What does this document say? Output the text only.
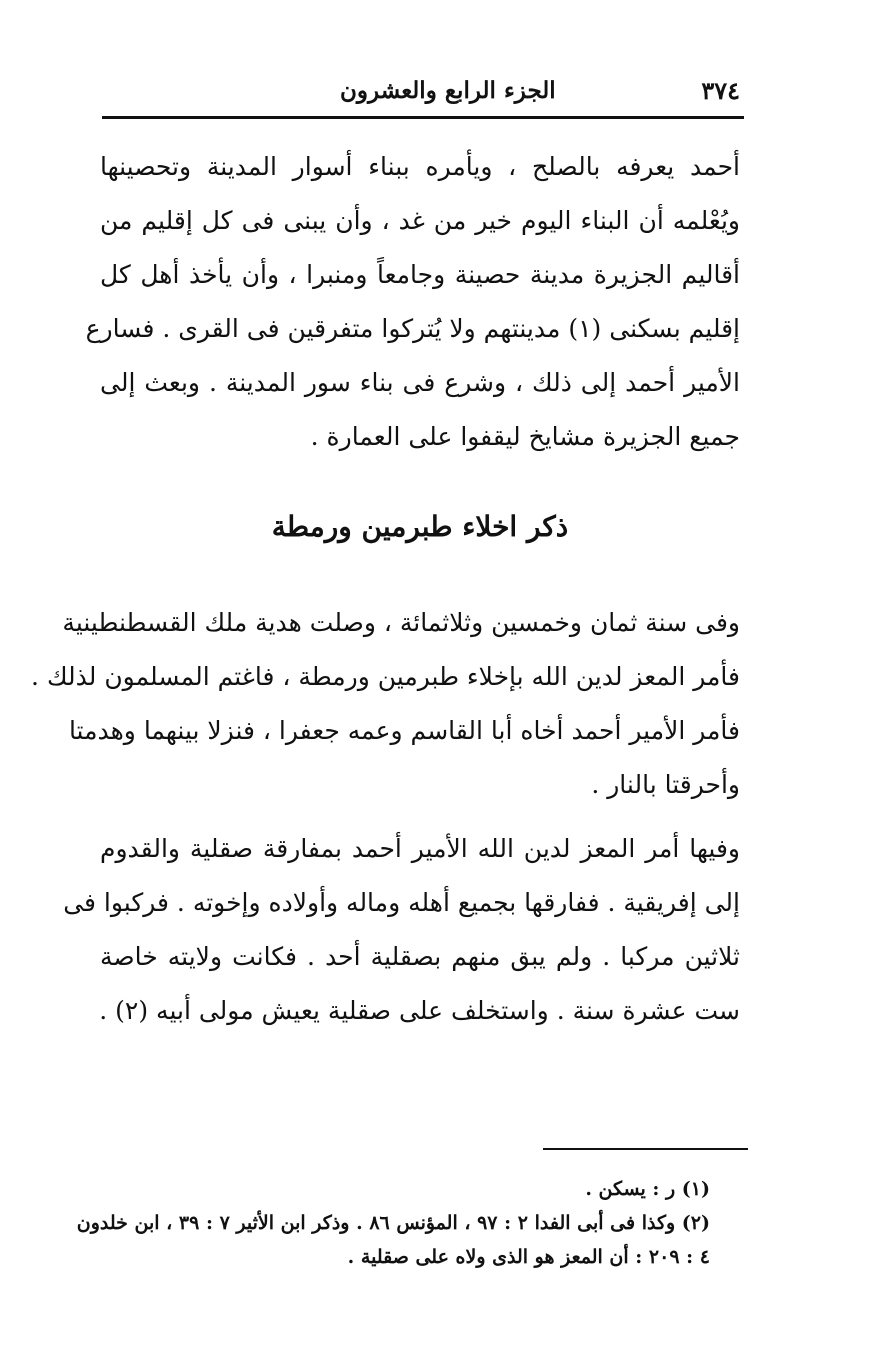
٣٧٤
الجزء الرابع والعشرون

أحمد يعرفه بالصلح ، ويأمره ببناء أسوار المدينة وتحصينها

ويُعْلمه أن البناء اليوم خير من غد ، وأن يبنى فى كل إقليم من

أقاليم الجزيرة مدينة حصينة وجامعاً ومنبرا ، وأن يأخذ أهل كل

إقليم بسكنى (١) مدينتهم ولا يُتركوا متفرقين فى القرى . فسارع

الأمير أحمد إلى ذلك ، وشرع فى بناء سور المدينة . وبعث إلى

جميع الجزيرة مشايخ ليقفوا على العمارة .

ذكر اخلاء طبرمين ورمطة

وفى سنة ثمان وخمسين وثلاثمائة ، وصلت هدية ملك القسطنطينية

فأمر المعز لدين الله بإخلاء طبرمين ورمطة ، فاغتم المسلمون لذلك .

فأمر الأمير أحمد أخاه أبا القاسم وعمه جعفرا ، فنزلا بينهما وهدمتا

وأحرقتا بالنار .

وفيها أمر المعز لدين الله الأمير أحمد بمفارقة صقلية والقدوم

إلى إفريقية . ففارقها بجميع أهله وماله وأولاده وإخوته . فركبوا فى

ثلاثين مركبا . ولم يبق منهم بصقلية أحد . فكانت ولايته خاصة

ست عشرة سنة . واستخلف على صقلية يعيش مولى أبيه (٢) .

(١) ر : يسكن .

(٢) وكذا فى أبى الفدا ٢ : ٩٧ ، المؤنس ٨٦ . وذكر ابن الأثير ٧ : ٣٩ ، ابن خلدون

٤ : ٢٠٩ : أن المعز هو الذى ولاه على صقلية .
